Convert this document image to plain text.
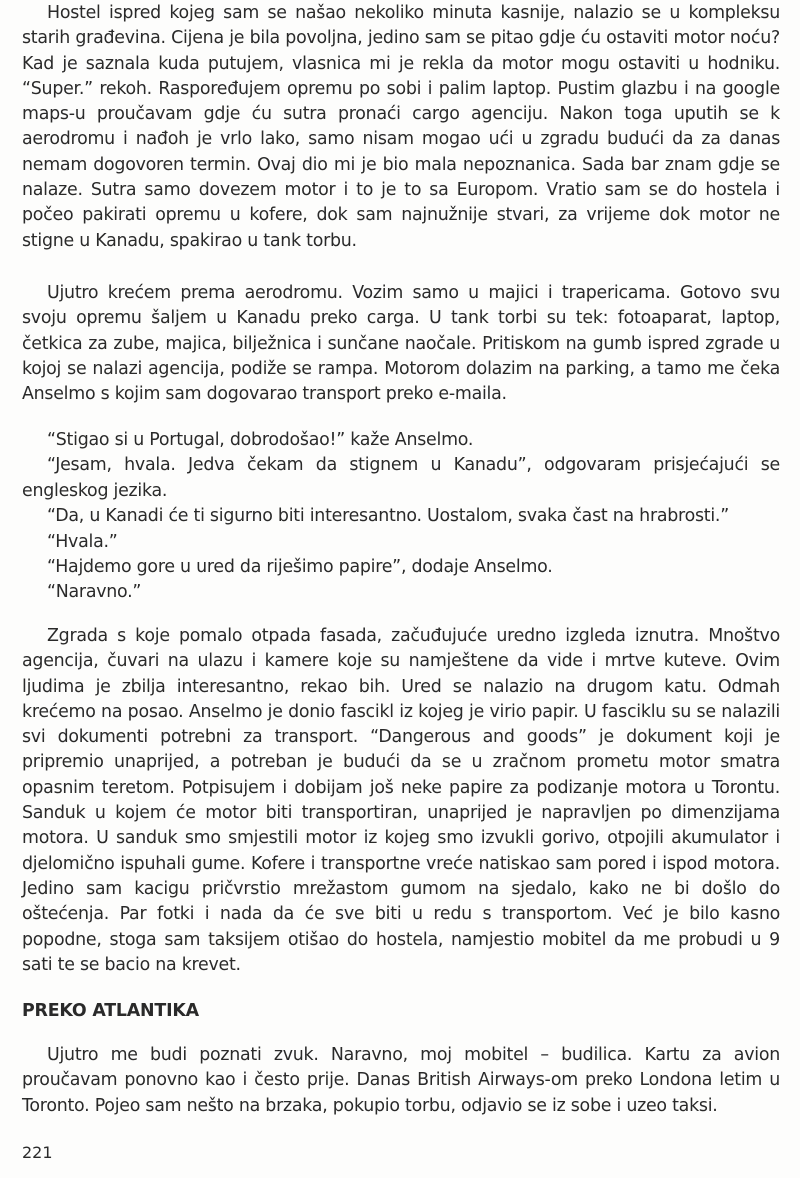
Hostel ispred kojeg sam se našao nekoliko minuta kasnije, nalazio se u kompleksu starih građevina. Cijena je bila povoljna, jedino sam se pitao gdje ću ostaviti motor noću? Kad je saznala kuda putujem, vlasnica mi je rekla da motor mogu ostaviti u hodniku. “Super.” rekoh. Raspoređujem opremu po sobi i palim laptop. Pustim glazbu i na google maps-u proučavam gdje ću sutra pronaći cargo agenciju. Nakon toga uputih se k aerodromu i nađoh je vrlo lako, samo nisam mogao ući u zgradu budući da za danas nemam dogovoren termin. Ovaj dio mi je bio mala nepoznanica. Sada bar znam gdje se nalaze. Sutra samo dovezem motor i to je to sa Europom. Vratio sam se do hostela i počeo pakirati opremu u kofere, dok sam najnužnije stvari, za vrijeme dok motor ne stigne u Kanadu, spakirao u tank torbu.

Ujutro krećem prema aerodromu. Vozim samo u majici i trapericama. Gotovo svu svoju opremu šaljem u Kanadu preko carga. U tank torbi su tek: fotoaparat, laptop, četkica za zube, majica, bilježnica i sunčane naočale. Pritiskom na gumb ispred zgrade u kojoj se nalazi agencija, podiže se rampa. Motorom dolazim na parking, a tamo me čeka Anselmo s kojim sam dogovarao transport preko e-maila.

“Stigao si u Portugal, dobrodošao!” kaže Anselmo.

“Jesam, hvala. Jedva čekam da stignem u Kanadu”, odgovaram prisjećajući se engleskog jezika.

“Da, u Kanadi će ti sigurno biti interesantno. Uostalom, svaka čast na hrabrosti.”

“Hvala.”

“Hajdemo gore u ured da riješimo papire”, dodaje Anselmo.

“Naravno.”

Zgrada s koje pomalo otpada fasada, začuđujuće uredno izgleda iznutra. Mnoštvo agencija, čuvari na ulazu i kamere koje su namještene da vide i mrtve kuteve. Ovim ljudima je zbilja interesantno, rekao bih. Ured se nalazio na drugom katu. Odmah krećemo na posao. Anselmo je donio fascikl iz kojeg je virio papir. U fasciklu su se nalazili svi dokumenti potrebni za transport. “Dangerous and goods” je dokument koji je pripremio unaprijed, a potreban je budući da se u zračnom prometu motor smatra opasnim teretom. Potpisujem i dobijam još neke papire za podizanje motora u Torontu. Sanduk u kojem će motor biti transportiran, unaprijed je napravljen po dimenzijama motora. U sanduk smo smjestili motor iz kojeg smo izvukli gorivo, otpojili akumulator i djelomično ispuhali gume. Kofere i transportne vreće natiskao sam pored i ispod motora. Jedino sam kacigu pričvrstio mrežastom gumom na sjedalo, kako ne bi došlo do oštećenja. Par fotki i nada da će sve biti u redu s transportom. Već je bilo kasno popodne, stoga sam taksijem otišao do hostela, namjestio mobitel da me probudi u 9 sati te se bacio na krevet.

PREKO ATLANTIKA

Ujutro me budi poznati zvuk. Naravno, moj mobitel – budilica. Kartu za avion proučavam ponovno kao i često prije. Danas British Airways-om preko Londona letim u Toronto. Pojeo sam nešto na brzaka, pokupio torbu, odjavio se iz sobe i uzeo taksi.

221
